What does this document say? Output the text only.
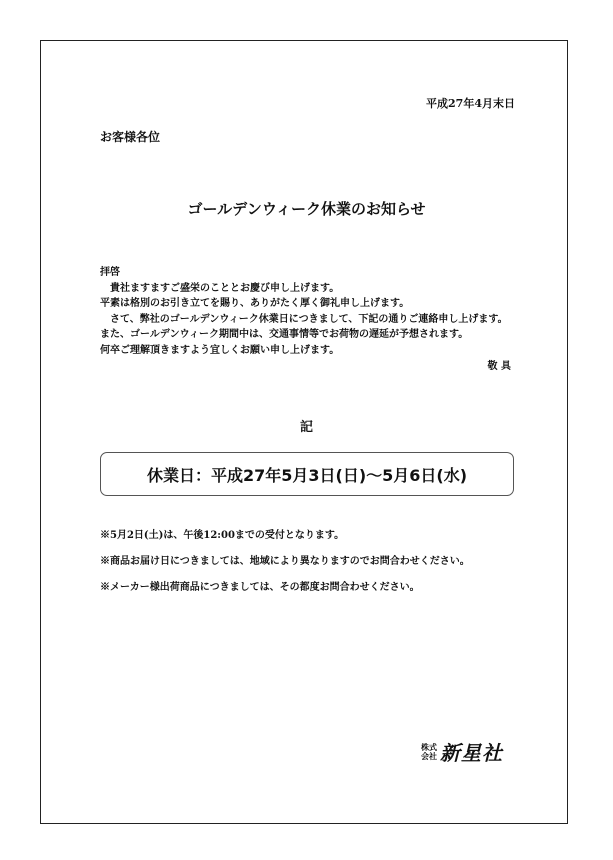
平成27年4月末日
お客様各位
ゴールデンウィーク休業のお知らせ
拝啓
　貴社ますますご盛栄のこととお慶び申し上げます。
平素は格別のお引き立てを賜り、ありがたく厚く御礼申し上げます。
　さて、弊社のゴールデンウィーク休業日につきまして、下記の通りご連絡申し上げます。
また、ゴールデンウィーク期間中は、交通事情等でお荷物の遅延が予想されます。
何卒ご理解頂きますよう宜しくお願い申し上げます。
敬 具
記
休業日：平成27年5月3日(日)～5月6日(水)
※5月2日(土)は、午後12:00までの受付となります。
※商品お届け日につきましては、地域により異なりますのでお問合わせください。
※メーカー様出荷商品につきましては、その都度お問合わせください。
株式
会社 新星社
